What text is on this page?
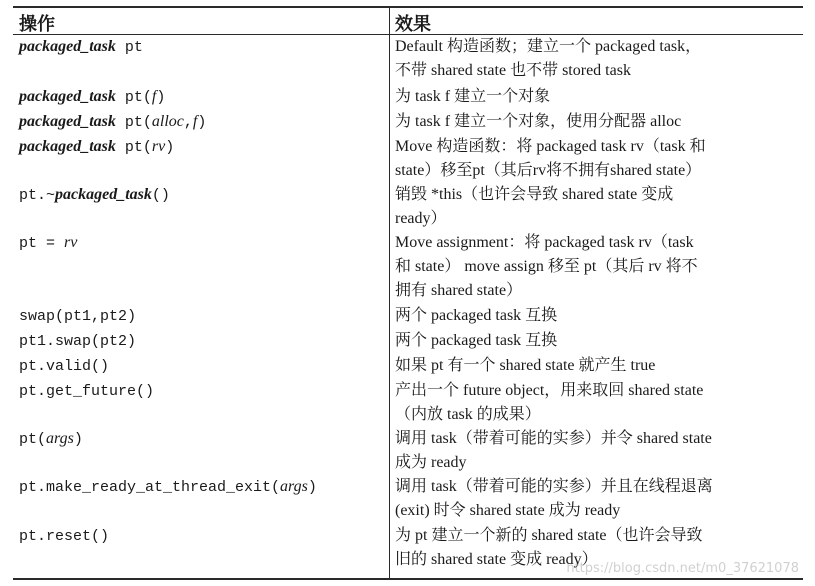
操作	效果
packaged_task pt	Default 构造函数；建立一个 packaged task，
不带 shared state 也不带 stored task
packaged_task pt(f)	为 task f 建立一个对象
packaged_task pt(alloc,f)	为 task f 建立一个对象，使用分配器 alloc
packaged_task pt(rv)	Move 构造函数：将 packaged task rv（task 和
state）移至pt（其后rv将不拥有shared state）
pt.~packaged_task()	销毁 *this（也许会导致 shared state 变成
ready）
pt = rv	Move assignment：将 packaged task rv（task
和 state） move assign 移至 pt（其后 rv 将不
拥有 shared state）
swap(pt1,pt2)	两个 packaged task 互换
pt1.swap(pt2)	两个 packaged task 互换
pt.valid()	如果 pt 有一个 shared state 就产生 true
pt.get_future()	产出一个 future object，用来取回 shared state
（内放 task 的成果）
pt(args)	调用 task（带着可能的实参）并令 shared state
成为 ready
pt.make_ready_at_thread_exit(args)	调用 task（带着可能的实参）并且在线程退离
(exit) 时令 shared state 成为 ready
pt.reset()	为 pt 建立一个新的 shared state（也许会导致
旧的 shared state 变成 ready）
https://blog.csdn.net/m0_37621078
